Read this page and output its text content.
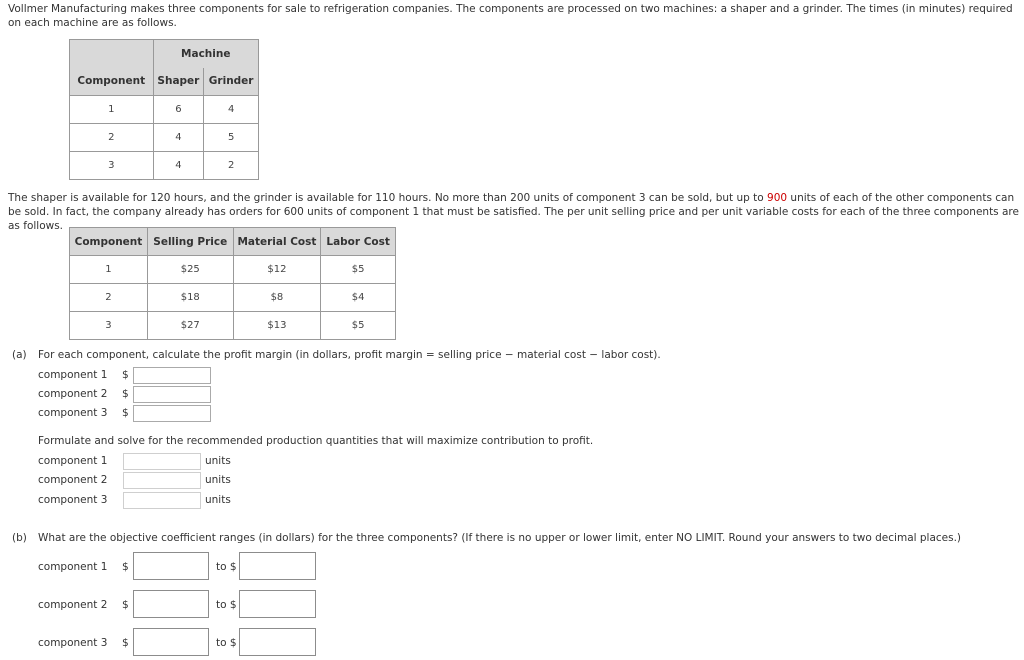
Vollmer Manufacturing makes three components for sale to refrigeration companies. The components are processed on two machines: a shaper and a grinder. The times (in minutes) required on each machine are as follows.
	Machine	
Component	Shaper	Grinder
1	6	4
2	4	5
3	4	2
The shaper is available for 120 hours, and the grinder is available for 110 hours. No more than 200 units of component 3 can be sold, but up to 900 units of each of the other components can be sold. In fact, the company already has orders for 600 units of component 1 that must be satisfied. The per unit selling price and per unit variable costs for each of the three components are as follows.
Component	Selling Price	Material Cost	Labor Cost
1	$25	$12	$5
2	$18	$8	$4
3	$27	$13	$5
(a) For each component, calculate the profit margin (in dollars, profit margin = selling price − material cost − labor cost).
component 1 $
component 2 $
component 3 $
Formulate and solve for the recommended production quantities that will maximize contribution to profit.
component 1	units
component 2	units
component 3	units
(b) What are the objective coefficient ranges (in dollars) for the three components? (If there is no upper or lower limit, enter NO LIMIT. Round your answers to two decimal places.)
component 1 $	to $
component 2 $	to $
component 3 $	to $
